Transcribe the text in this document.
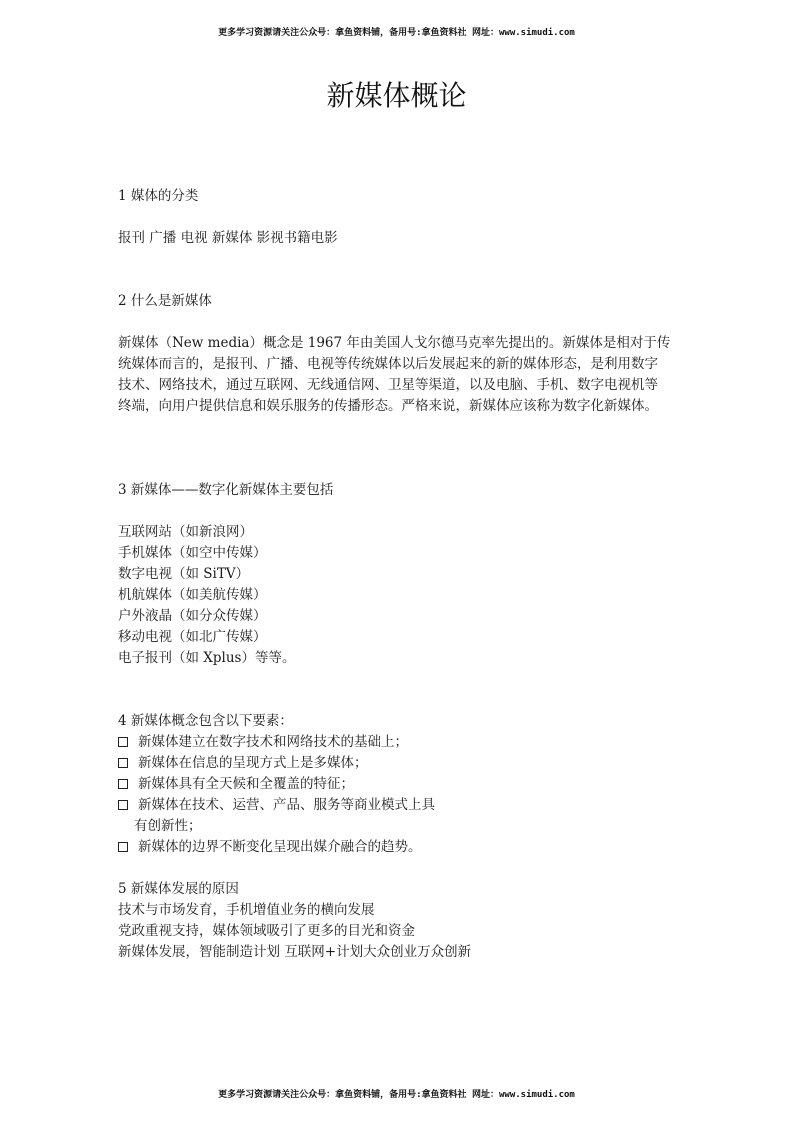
更多学习资源请关注公众号：拿鱼资料铺，备用号:拿鱼资料社 网址：www.simudi.com
新媒体概论

1 媒体的分类

报刊 广播 电视 新媒体 影视书籍电影

2 什么是新媒体

新媒体（New media）概念是 1967 年由美国人戈尔德马克率先提出的。新媒体是相对于传

统媒体而言的，是报刊、广播、电视等传统媒体以后发展起来的新的媒体形态，是利用数字

技术、网络技术，通过互联网、无线通信网、卫星等渠道，以及电脑、手机、数字电视机等

终端，向用户提供信息和娱乐服务的传播形态。严格来说，新媒体应该称为数字化新媒体。

3 新媒体——数字化新媒体主要包括

互联网站（如新浪网）

手机媒体（如空中传媒）

数字电视（如 SiTV）

机航媒体（如美航传媒）

户外液晶（如分众传媒）

移动电视（如北广传媒）

电子报刊（如 Xplus）等等。

4 新媒体概念包含以下要素：

新媒体建立在数字技术和网络技术的基础上；

新媒体在信息的呈现方式上是多媒体；

新媒体具有全天候和全覆盖的特征；

新媒体在技术、运营、产品、服务等商业模式上具

有创新性；

新媒体的边界不断变化呈现出媒介融合的趋势。

5 新媒体发展的原因

技术与市场发育，手机增值业务的横向发展

党政重视支持，媒体领域吸引了更多的目光和资金

新媒体发展，智能制造计划 互联网+计划大众创业万众创新

更多学习资源请关注公众号：拿鱼资料铺，备用号:拿鱼资料社 网址：www.simudi.com
